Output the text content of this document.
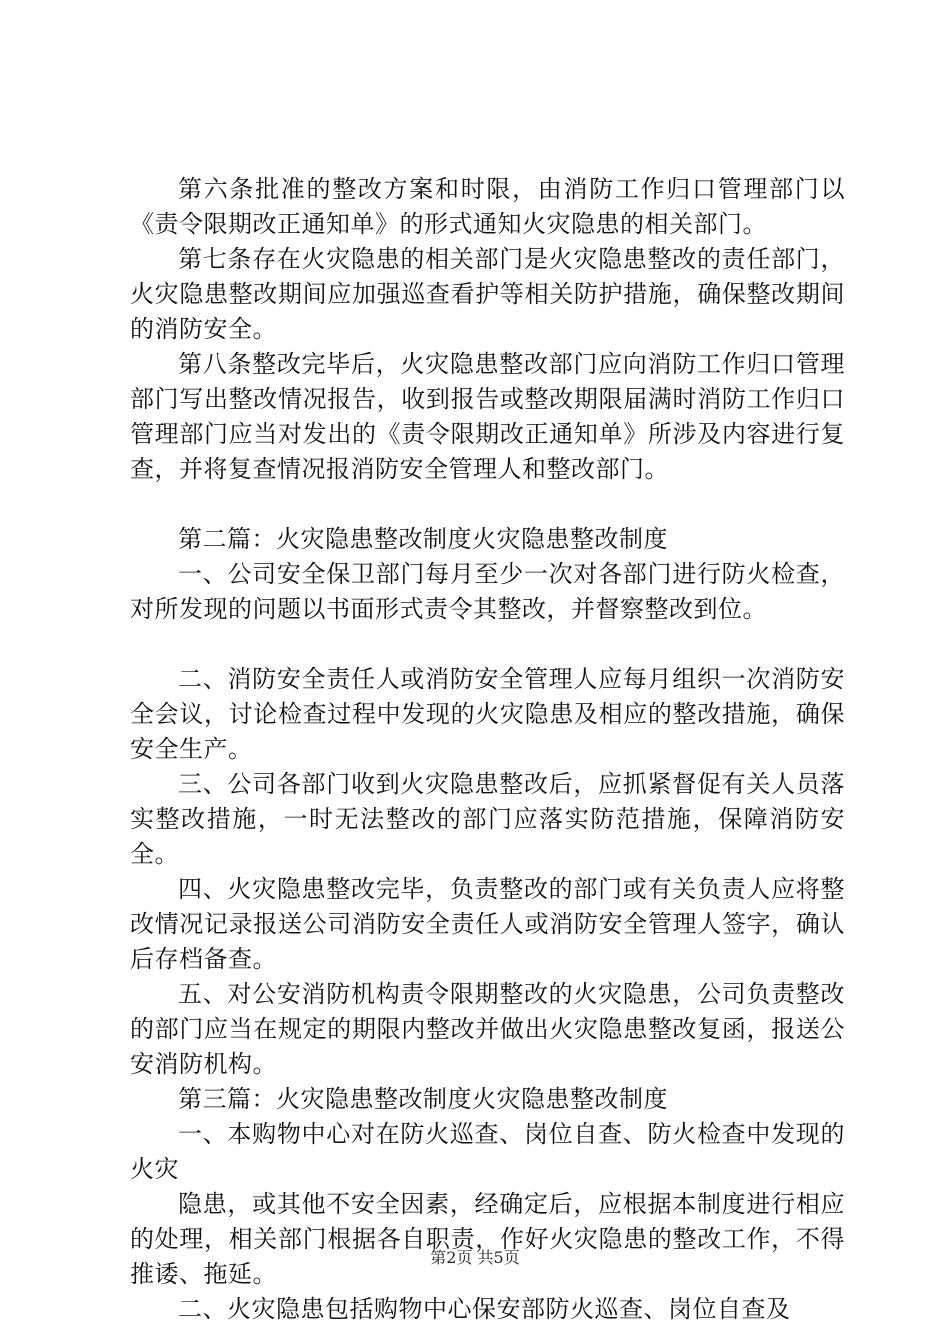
第六条批准的整改方案和时限，由消防工作归口管理部门以《责令限期改正通知单》的形式通知火灾隐患的相关部门。

第七条存在火灾隐患的相关部门是火灾隐患整改的责任部门，火灾隐患整改期间应加强巡查看护等相关防护措施，确保整改期间的消防安全。

第八条整改完毕后，火灾隐患整改部门应向消防工作归口管理部门写出整改情况报告，收到报告或整改期限届满时消防工作归口管理部门应当对发出的《责令限期改正通知单》所涉及内容进行复查，并将复查情况报消防安全管理人和整改部门。

第二篇：火灾隐患整改制度火灾隐患整改制度

一、公司安全保卫部门每月至少一次对各部门进行防火检查，对所发现的问题以书面形式责令其整改，并督察整改到位。

二、消防安全责任人或消防安全管理人应每月组织一次消防安全会议，讨论检查过程中发现的火灾隐患及相应的整改措施，确保安全生产。

三、公司各部门收到火灾隐患整改后，应抓紧督促有关人员落实整改措施，一时无法整改的部门应落实防范措施，保障消防安全。

四、火灾隐患整改完毕，负责整改的部门或有关负责人应将整改情况记录报送公司消防安全责任人或消防安全管理人签字，确认后存档备查。

五、对公安消防机构责令限期整改的火灾隐患，公司负责整改的部门应当在规定的期限内整改并做出火灾隐患整改复函，报送公安消防机构。

第三篇：火灾隐患整改制度火灾隐患整改制度

一、本购物中心对在防火巡查、岗位自查、防火检查中发现的火灾

隐患，或其他不安全因素，经确定后，应根据本制度进行相应的处理，相关部门根据各自职责，作好火灾隐患的整改工作，不得推诿、拖延。

二、火灾隐患包括购物中心保安部防火巡查、岗位自查及

第2页 共5页
